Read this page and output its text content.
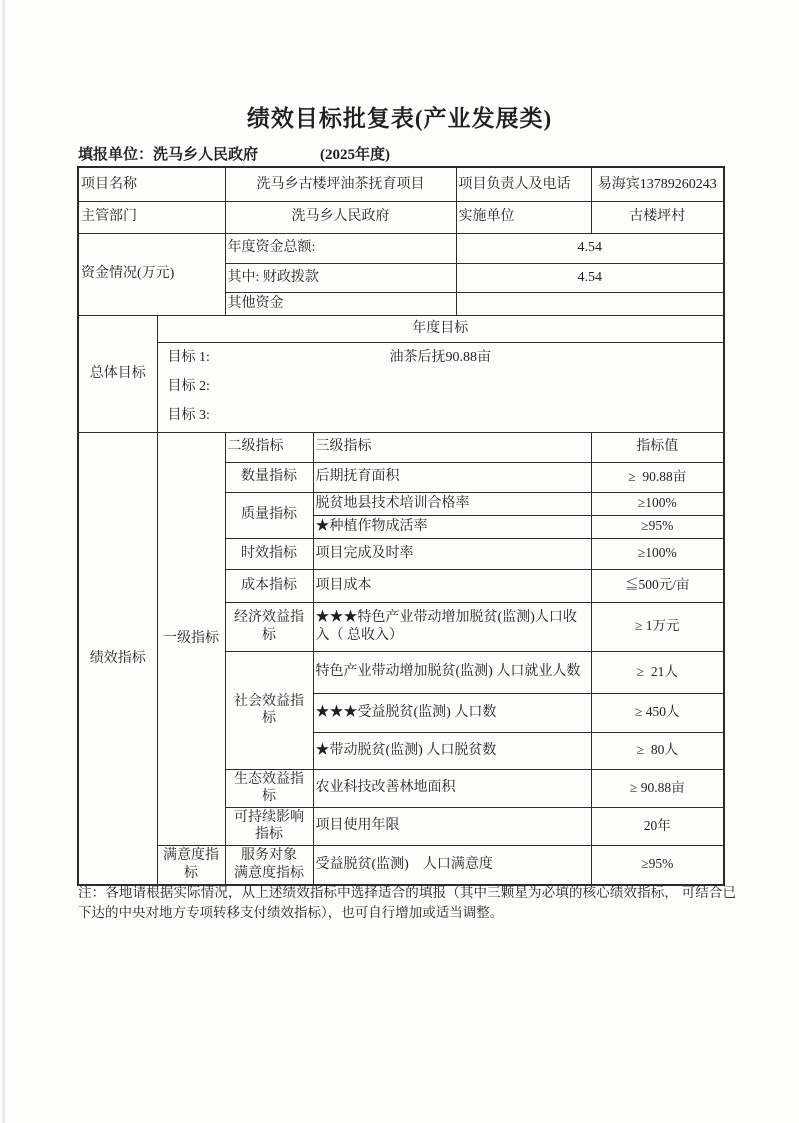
绩效目标批复表(产业发展类)
填报单位：洗马乡人民政府	(2025年度)
项目名称		洗马乡古楼坪油茶抚育项目		项目负责人及电话	易海宾13789260243
主管部门		洗马乡人民政府		实施单位	古楼坪村
资金情况(万元)		年度资金总额:		4.54	
		其中: 财政拨款		4.54	
		其他资金			
总体目标	年度目标				

	目标 1: 油茶后抚90.88亩
目标 2:
目标 3:				

绩效指标	一级指标	二级指标	三级指标		指标值
		数量指标	后期抚育面积		≥  90.88亩
		质量指标	脱贫地县技术培训合格率		≥100%
			★种植作物成活率		≥95%
		时效指标	项目完成及时率		≥100%
		成本指标	项目成本		≦500元/亩
		经济效益指标	★★★特色产业带动增加脱贫(监测)人口收入（ 总收入）		≥ 1万元
		社会效益指标	特色产业带动增加脱贫(监测) 人口就业人数		≥  21人
			★★★受益脱贫(监测) 人口数		≥ 450人
			★带动脱贫(监测) 人口脱贫数		≥  80人
		生态效益指标	农业科技改善林地面积		≥ 90.88亩
		可持续影响指标	项目使用年限		20年
	满意度指标	服务对象　满意度指标	受益脱贫(监测)　人口满意度		≥95%
注：各地请根据实际情况，从上述绩效指标中选择适合的填报（其中三颗星为必填的核心绩效指标， 可结合已下达的中央对地方专项转移支付绩效指标），也可自行增加或适当调整。
